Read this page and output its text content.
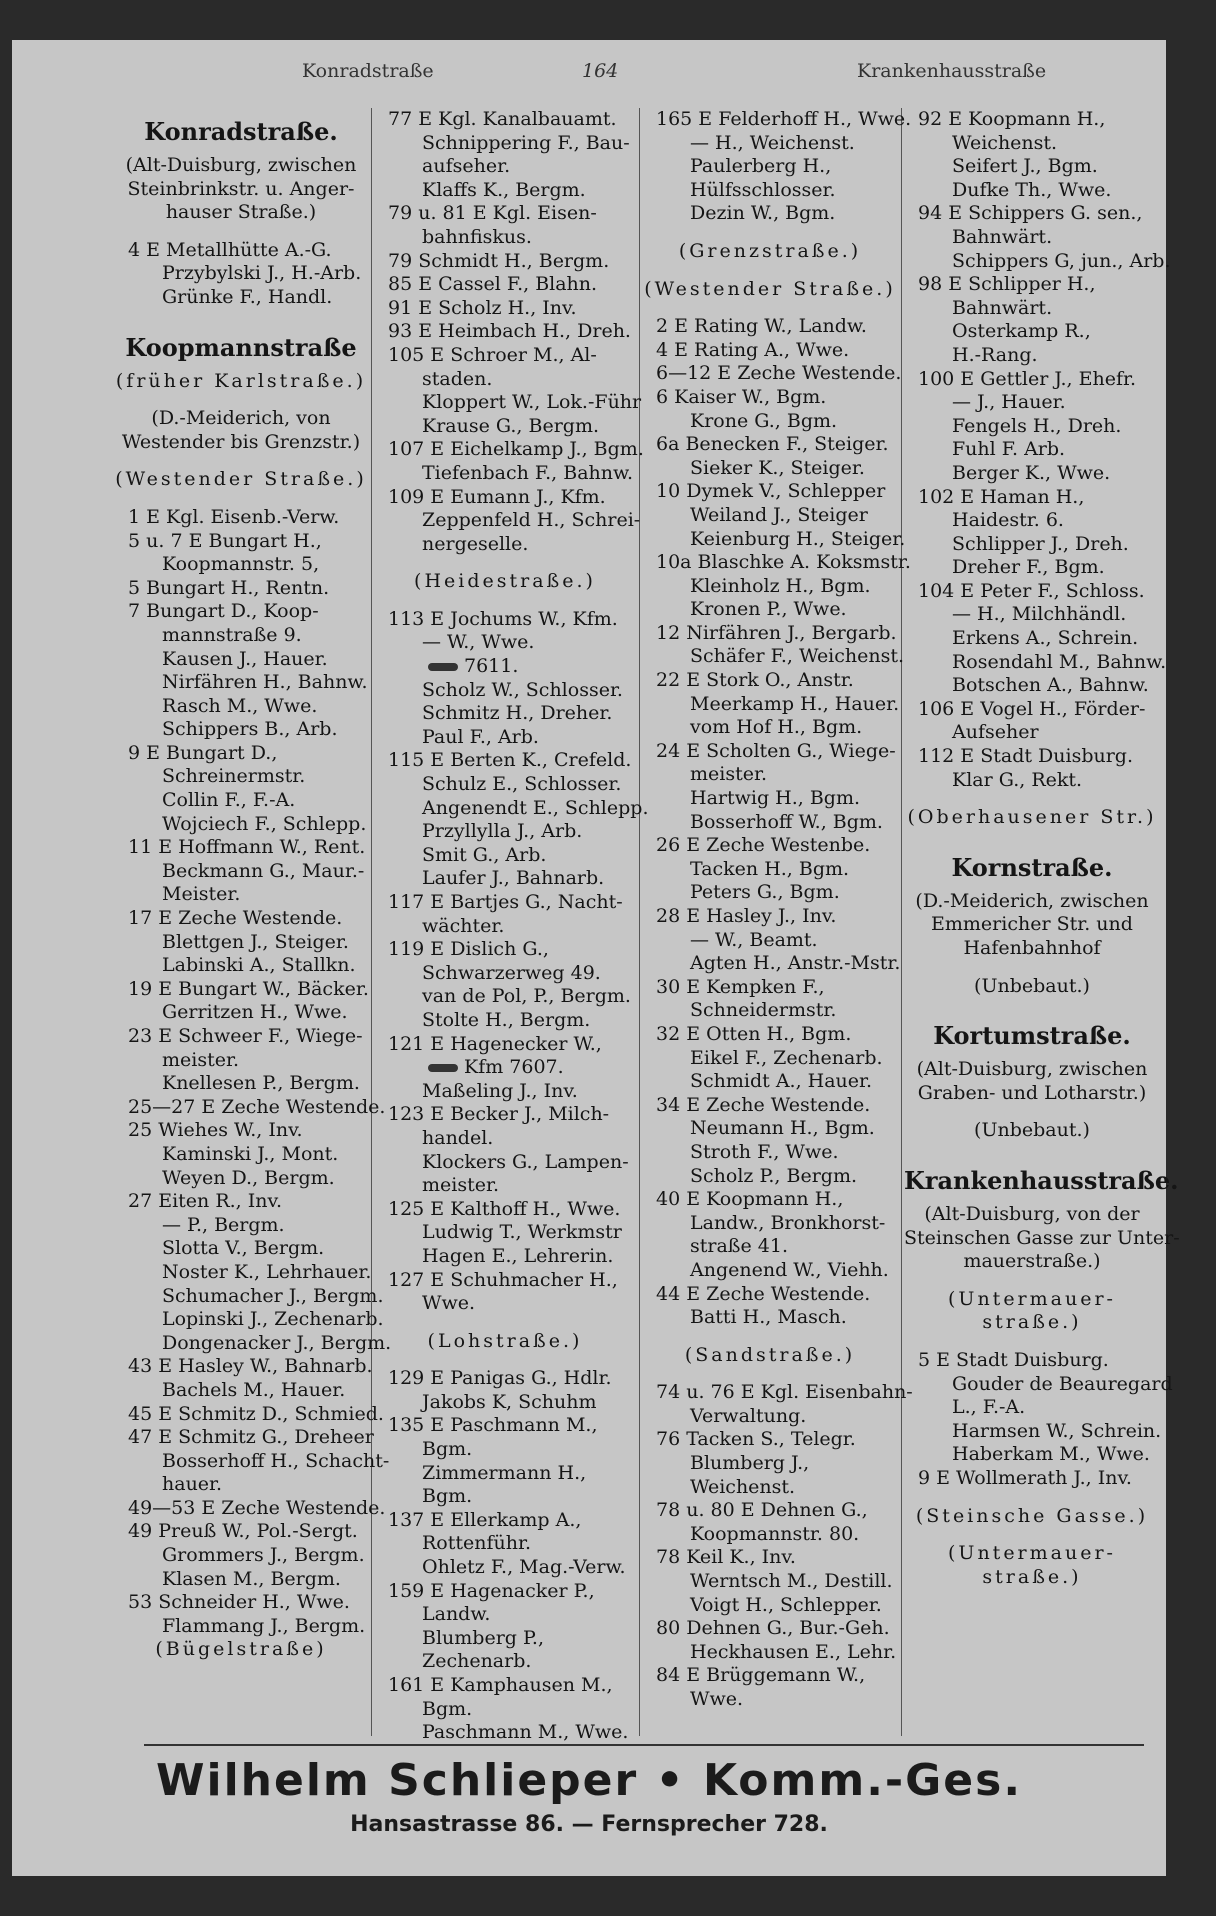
Konradstraße	164	Krankenhausstraße
Konradstraße.
(Alt-Duisburg, zwischen
Steinbrinkstr. u. Anger-
hauser Straße.)
4 E Metallhütte A.-G.
Przybylski J., H.-Arb.
Grünke F., Handl.
Koopmannstraße
(früher Karlstraße.)
(D.-Meiderich, von
Westender bis Grenzstr.)
(Westender Straße.)
1 E Kgl. Eisenb.-Verw.
5 u. 7 E Bungart H.,
Koopmannstr. 5,
5 Bungart H., Rentn.
7 Bungart D., Koop-
mannstraße 9.
Kausen J., Hauer.
Nirfähren H., Bahnw.
Rasch M., Wwe.
Schippers B., Arb.
9 E Bungart D.,
Schreinermstr.
Collin F., F.-A.
Wojciech F., Schlepp.
11 E Hoffmann W., Rent.
Beckmann G., Maur.-
Meister.
17 E Zeche Westende.
Blettgen J., Steiger.
Labinski A., Stallkn.
19 E Bungart W., Bäcker.
Gerritzen H., Wwe.
23 E Schweer F., Wiege-
meister.
Knellesen P., Bergm.
25—27 E Zeche Westende.
25 Wiehes W., Inv.
Kaminski J., Mont.
Weyen D., Bergm.
27 Eiten R., Inv.
— P., Bergm.
Slotta V., Bergm.
Noster K., Lehrhauer.
Schumacher J., Bergm.
Lopinski J., Zechenarb.
Dongenacker J., Bergm.
43 E Hasley W., Bahnarb.
Bachels M., Hauer.
45 E Schmitz D., Schmied.
47 E Schmitz G., Dreheer
Bosserhoff H., Schacht-
hauer.
49—53 E Zeche Westende.
49 Preuß W., Pol.-Sergt.
Grommers J., Bergm.
Klasen M., Bergm.
53 Schneider H., Wwe.
Flammang J., Bergm.
(Bügelstraße)
77 E Kgl. Kanalbauamt.
Schnippering F., Bau-
aufseher.
Klaffs K., Bergm.
79 u. 81 E Kgl. Eisen-
bahnfiskus.
79 Schmidt H., Bergm.
85 E Cassel F., Blahn.
91 E Scholz H., Inv.
93 E Heimbach H., Dreh.
105 E Schroer M., Al-
staden.
Kloppert W., Lok.-Führ
Krause G., Bergm.
107 E Eichelkamp J., Bgm.
Tiefenbach F., Bahnw.
109 E Eumann J., Kfm.
Zeppenfeld H., Schrei-
nergeselle.
(Heidestraße.)
113 E Jochums W., Kfm.
— W., Wwe.
7611.
Scholz W., Schlosser.
Schmitz H., Dreher.
Paul F., Arb.
115 E Berten K., Crefeld.
Schulz E., Schlosser.
Angenendt E., Schlepp.
Przyllylla J., Arb.
Smit G., Arb.
Laufer J., Bahnarb.
117 E Bartjes G., Nacht-
wächter.
119 E Dislich G.,
Schwarzerweg 49.
van de Pol, P., Bergm.
Stolte H., Bergm.
121 E Hagenecker W.,
Kfm 7607.
Maßeling J., Inv.
123 E Becker J., Milch-
handel.
Klockers G., Lampen-
meister.
125 E Kalthoff H., Wwe.
Ludwig T., Werkmstr
Hagen E., Lehrerin.
127 E Schuhmacher H.,
Wwe.
(Lohstraße.)
129 E Panigas G., Hdlr.
Jakobs K, Schuhm
135 E Paschmann M.,
Bgm.
Zimmermann H.,
Bgm.
137 E Ellerkamp A.,
Rottenführ.
Ohletz F., Mag.-Verw.
159 E Hagenacker P.,
Landw.
Blumberg P.,
Zechenarb.
161 E Kamphausen M.,
Bgm.
Paschmann M., Wwe.
165 E Felderhoff H., Wwe.
— H., Weichenst.
Paulerberg H.,
Hülfsschlosser.
Dezin W., Bgm.
(Grenzstraße.)
(Westender Straße.)
2 E Rating W., Landw.
4 E Rating A., Wwe.
6—12 E Zeche Westende.
6 Kaiser W., Bgm.
Krone G., Bgm.
6a Benecken F., Steiger.
Sieker K., Steiger.
10 Dymek V., Schlepper
Weiland J., Steiger
Keienburg H., Steiger.
10a Blaschke A. Koksmstr.
Kleinholz H., Bgm.
Kronen P., Wwe.
12 Nirfähren J., Bergarb.
Schäfer F., Weichenst.
22 E Stork O., Anstr.
Meerkamp H., Hauer.
vom Hof H., Bgm.
24 E Scholten G., Wiege-
meister.
Hartwig H., Bgm.
Bosserhoff W., Bgm.
26 E Zeche Westenbe.
Tacken H., Bgm.
Peters G., Bgm.
28 E Hasley J., Inv.
— W., Beamt.
Agten H., Anstr.-Mstr.
30 E Kempken F.,
Schneidermstr.
32 E Otten H., Bgm.
Eikel F., Zechenarb.
Schmidt A., Hauer.
34 E Zeche Westende.
Neumann H., Bgm.
Stroth F., Wwe.
Scholz P., Bergm.
40 E Koopmann H.,
Landw., Bronkhorst-
straße 41.
Angenend W., Viehh.
44 E Zeche Westende.
Batti H., Masch.
(Sandstraße.)
74 u. 76 E Kgl. Eisenbahn-
Verwaltung.
76 Tacken S., Telegr.
Blumberg J.,
Weichenst.
78 u. 80 E Dehnen G.,
Koopmannstr. 80.
78 Keil K., Inv.
Werntsch M., Destill.
Voigt H., Schlepper.
80 Dehnen G., Bur.-Geh.
Heckhausen E., Lehr.
84 E Brüggemann W.,
Wwe.
92 E Koopmann H.,
Weichenst.
Seifert J., Bgm.
Dufke Th., Wwe.
94 E Schippers G. sen.,
Bahnwärt.
Schippers G, jun., Arb.
98 E Schlipper H.,
Bahnwärt.
Osterkamp R.,
H.-Rang.
100 E Gettler J., Ehefr.
— J., Hauer.
Fengels H., Dreh.
Fuhl F. Arb.
Berger K., Wwe.
102 E Haman H.,
Haidestr. 6.
Schlipper J., Dreh.
Dreher F., Bgm.
104 E Peter F., Schloss.
— H., Milchhändl.
Erkens A., Schrein.
Rosendahl M., Bahnw.
Botschen A., Bahnw.
106 E Vogel H., Förder-
Aufseher
112 E Stadt Duisburg.
Klar G., Rekt.
(Oberhausener Str.)
Kornstraße.
(D.-Meiderich, zwischen
Emmericher Str. und
Hafenbahnhof
(Unbebaut.)
Kortumstraße.
(Alt-Duisburg, zwischen
Graben- und Lotharstr.)
(Unbebaut.)
Krankenhausstraße.
(Alt-Duisburg, von der
Steinschen Gasse zur Unter-
mauerstraße.)
(Untermauer-
straße.)
5 E Stadt Duisburg.
Gouder de Beauregard
L., F.-A.
Harmsen W., Schrein.
Haberkam M., Wwe.
9 E Wollmerath J., Inv.
(Steinsche Gasse.)
(Untermauer-
straße.)
Wilhelm Schlieper • Komm.-Ges.
Hansastrasse 86. — Fernsprecher 728.
